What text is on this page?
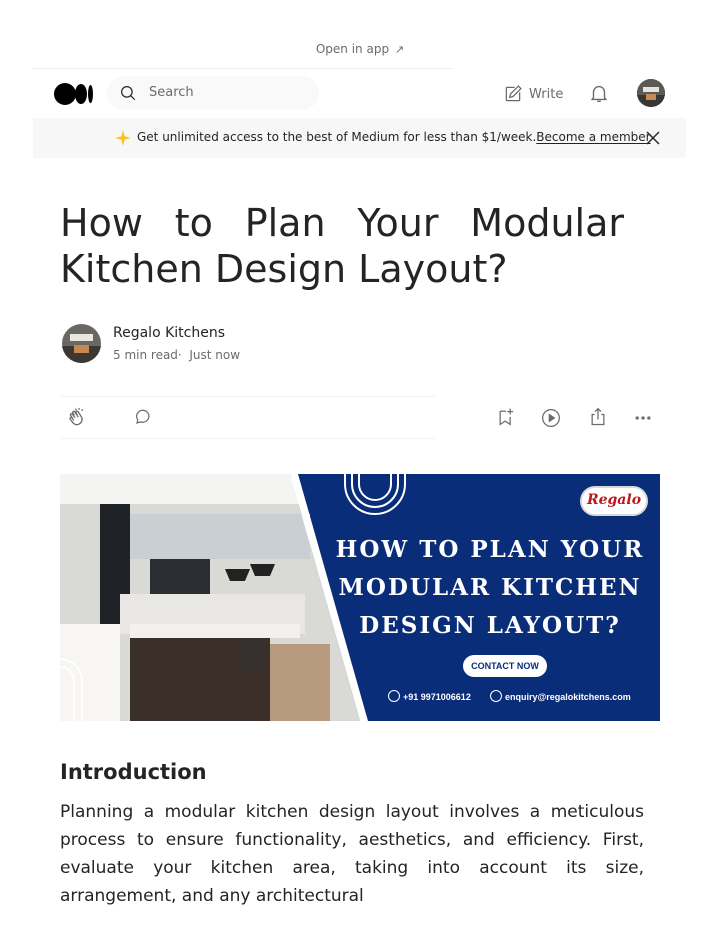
Open in app ↗
Search	Write
Get unlimited access to the best of Medium for less than $1/week.Become a member
How to Plan Your Modular
Kitchen Design Layout?
Regalo Kitchens
5 min read· Just now
Regalo
HOW TO PLAN YOUR
MODULAR KITCHEN
DESIGN LAYOUT?
CONTACT NOW
+91 9971006612	enquiry@regalokitchens.com
Introduction

Planning a modular kitchen design layout involves a meticulous process to ensure functionality, aesthetics, and efficiency. First, evaluate your kitchen area, taking into account its size, arrangement, and any architectural
